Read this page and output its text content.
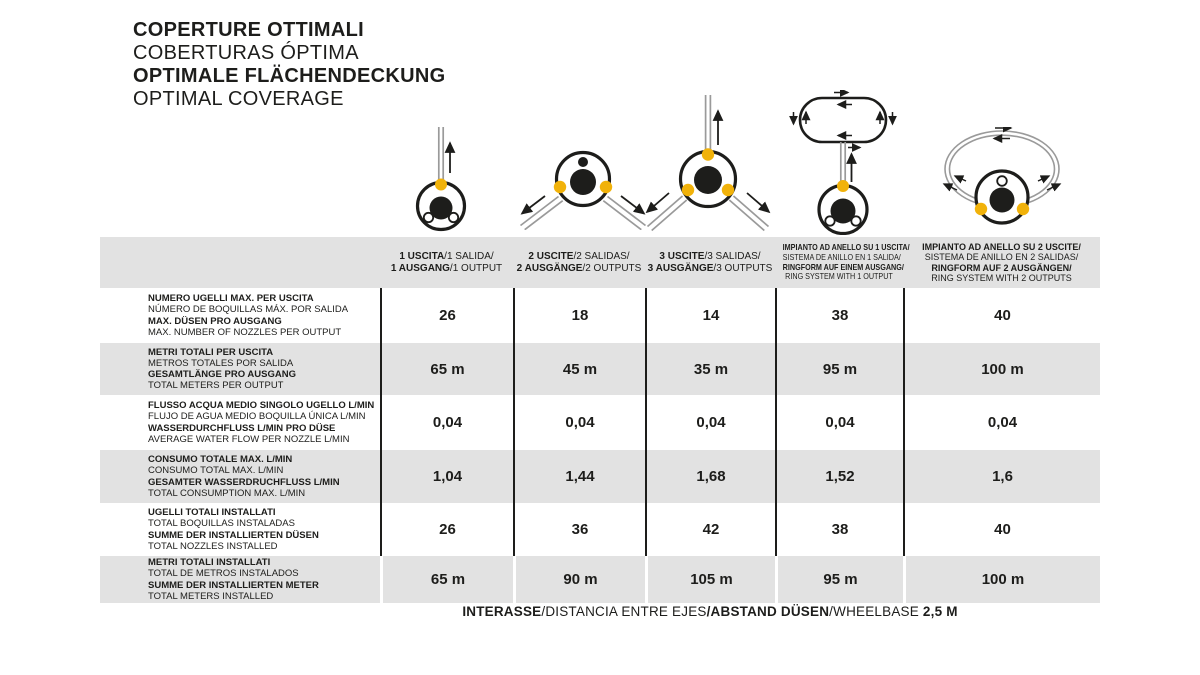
COPERTURE OTTIMALI
COBERTURAS ÓPTIMA
OPTIMALE FLÄCHENDECKUNG
OPTIMAL COVERAGE
1 USCITA/1 SALIDA/
1 AUSGANG/1 OUTPUT
2 USCITE/2 SALIDAS/
2 AUSGÄNGE/2 OUTPUTS
3 USCITE/3 SALIDAS/
3 AUSGÄNGE/3 OUTPUTS
IMPIANTO AD ANELLO SU 1 USCITA/
SISTEMA DE ANILLO EN 1 SALIDA/
RINGFORM AUF EINEM AUSGANG/
RING SYSTEM WITH 1 OUTPUT
IMPIANTO AD ANELLO SU 2 USCITE/
SISTEMA DE ANILLO EN 2 SALIDAS/
RINGFORM AUF 2 AUSGÄNGEN/
RING SYSTEM WITH 2 OUTPUTS
NUMERO UGELLI MAX. PER USCITA
NÚMERO DE BOQUILLAS MÁX. POR SALIDA
MAX. DÜSEN PRO AUSGANG
MAX. NUMBER OF NOZZLES PER OUTPUT
26	18	14	38	40
METRI TOTALI PER USCITA
METROS TOTALES POR SALIDA
GESAMTLÄNGE PRO AUSGANG
TOTAL METERS PER OUTPUT
65 m	45 m	35 m	95 m	100 m
FLUSSO ACQUA MEDIO SINGOLO UGELLO L/MIN
FLUJO DE AGUA MEDIO BOQUILLA ÚNICA L/MIN
WASSERDURCHFLUSS L/MIN PRO DÜSE
AVERAGE WATER FLOW PER NOZZLE L/MIN
0,04	0,04	0,04	0,04	0,04
CONSUMO TOTALE MAX. L/MIN
CONSUMO TOTAL MAX. L/MIN
GESAMTER WASSERDRUCHFLUSS L/MIN
TOTAL CONSUMPTION MAX. L/MIN
1,04	1,44	1,68	1,52	1,6
UGELLI TOTALI INSTALLATI
TOTAL BOQUILLAS INSTALADAS
SUMME DER INSTALLIERTEN DÜSEN
TOTAL NOZZLES INSTALLED
26	36	42	38	40
METRI TOTALI INSTALLATI
TOTAL DE METROS INSTALADOS
SUMME DER INSTALLIERTEN METER
TOTAL METERS INSTALLED
65 m	90 m	105 m	95 m	100 m
INTERASSE/DISTANCIA ENTRE EJES/ABSTAND DÜSEN/WHEELBASE 2,5 M
